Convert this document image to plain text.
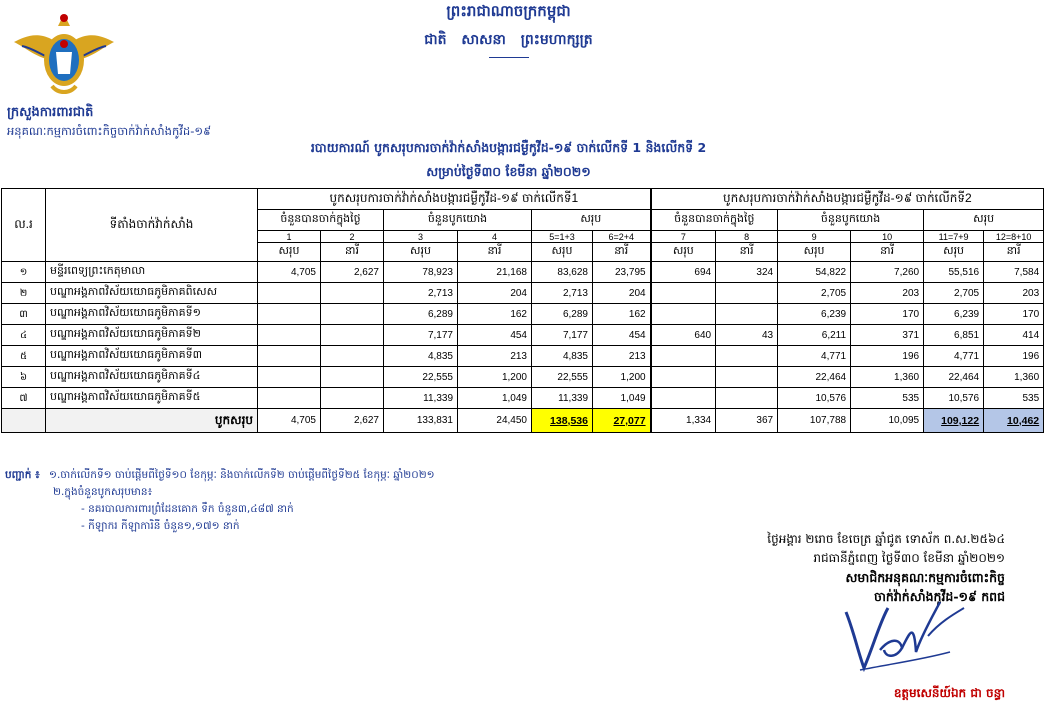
ព្រះរាជាណាចក្រកម្ពុជា
ជាតិ សាសនា ព្រះមហាក្សត្រ
ក្រសួងការពារជាតិ
អនុគណៈកម្មការចំពោះកិច្ចចាក់វ៉ាក់សាំងកូវីដ-១៩
របាយការណ៍ បូកសរុបការចាក់វ៉ាក់សាំងបង្ការជម្ងឺកូវីដ-១៩ ចាក់លើកទី 1 និងលើកទី 2
សម្រាប់ថ្ងៃទី៣០ ខែមីនា ឆ្នាំ២០២១
ល.រ	ទីតាំងចាក់វ៉ាក់សាំង	បូកសរុបការចាក់វ៉ាក់សាំងបង្ការជម្ងឺកូវីដ-១៩ ចាក់លើកទី1						បូកសរុបការចាក់វ៉ាក់សាំងបង្ការជម្ងឺកូវីដ-១៩ ចាក់លើកទី2					
		ចំនួនបានចាក់ក្នុងថ្ងៃ		ចំនួនបូកយោង		សរុប		ចំនួនបានចាក់ក្នុងថ្ងៃ		ចំនួនបូកយោង		សរុប	
		1	2	3	4	5=1+3	6=2+4	7	8	9	10	11=7+9	12=8+10
		សរុប	នារី	សរុប	នារី	សរុប	នារី	សរុប	នារី	សរុប	នារី	សរុប	នារី
១	មន្ទីរពេទ្យព្រះកេតុមាលា	4,705	2,627	78,923	21,168	83,628	23,795	694	324	54,822	7,260	55,516	7,584
២	បណ្ឌាអង្គភាពវិស័យយោធភូមិភាគពិសេស			2,713	204	2,713	204			2,705	203	2,705	203
៣	បណ្ឌាអង្គភាពវិស័យយោធភូមិភាគទី១			6,289	162	6,289	162			6,239	170	6,239	170
៤	បណ្ឌាអង្គភាពវិស័យយោធភូមិភាគទី២			7,177	454	7,177	454	640	43	6,211	371	6,851	414
៥	បណ្ឌាអង្គភាពវិស័យយោធភូមិភាគទី៣			4,835	213	4,835	213			4,771	196	4,771	196
៦	បណ្ឌាអង្គភាពវិស័យយោធភូមិភាគទី៤			22,555	1,200	22,555	1,200			22,464	1,360	22,464	1,360
៧	បណ្ឌាអង្គភាពវិស័យយោធភូមិភាគទី៥			11,339	1,049	11,339	1,049			10,576	535	10,576	535
	បូកសរុប	4,705	2,627	133,831	24,450	138,536	27,077	1,334	367	107,788	10,095	109,122	10,462
បញ្ជាក់ ៖ ១.ចាក់លើកទី១ ចាប់ផ្តើមពីថ្ងៃទី១០ ខែកុម្ភៈ និងចាក់លើកទី២ ចាប់ផ្តើមពីថ្ងៃទី២៥ ខែកុម្ភៈ ឆ្នាំ២០២១
២.ក្នុងចំនួនបូកសរុបមាន៖
- នគរបាលការពារព្រំដែនគោក ទឹក ចំនួន៣,៤៨៧ នាក់
- កីឡាករ កីឡាការិនី ចំនួន១,១៧១ នាក់
ថ្ងៃអង្គារ ២រោច ខែចេត្រ ឆ្នាំជូត ទោស័ក ព.ស.២៥៦៤
រាជធានីភ្នំពេញ ថ្ងៃទី៣០ ខែមីនា ឆ្នាំ២០២១
សមាជិកអនុគណៈកម្មការចំពោះកិច្ច
ចាក់វ៉ាក់សាំងកូវីដ-១៩ កពជ
ឧត្តមសេនីយ៍ឯក ជា ចន្ធា
